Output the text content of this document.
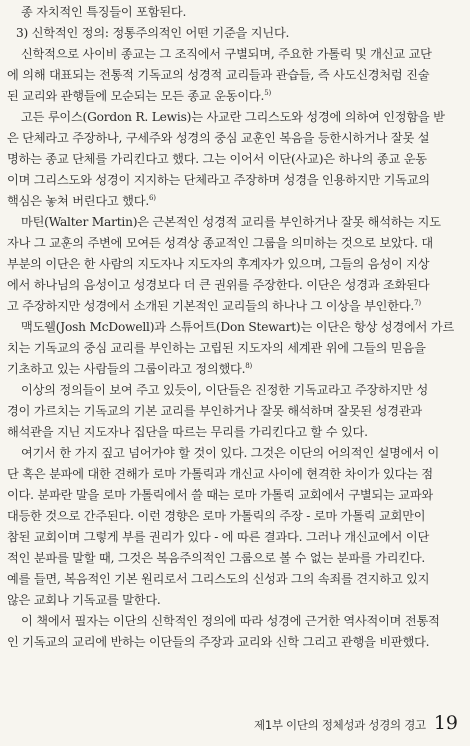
종 자치적인 특징들이 포함된다.
3) 신학적인 정의: 정통주의적인 어떤 기준을 지닌다.
신학적으로 사이비 종교는 그 조직에서 구별되며, 주요한 가톨릭 및 개신교 교단
에 의해 대표되는 전통적 기독교의 성경적 교리들과 관습들, 즉 사도신경처럼 진술
된 교리와 관행들에 모순되는 모든 종교 운동이다.$^{5)}$
고든 루이스(Gordon R. Lewis)는 사교란 그리스도와 성경에 의하여 인정함을 받
은 단체라고 주장하나, 구세주와 성경의 중심 교훈인 복음을 등한시하거나 잘못 설
명하는 종교 단체를 가리킨다고 했다. 그는 이어서 이단(사교)은 하나의 종교 운동
이며 그리스도와 성경이 지지하는 단체라고 주장하며 성경을 인용하지만 기독교의
핵심은 놓쳐 버린다고 했다.$^{6)}$
마틴(Walter Martin)은 근본적인 성경적 교리를 부인하거나 잘못 해석하는 지도
자나 그 교훈의 주변에 모여든 성격상 종교적인 그룹을 의미하는 것으로 보았다. 대
부분의 이단은 한 사람의 지도자나 지도자의 후계자가 있으며, 그들의 음성이 지상
에서 하나님의 음성이고 성경보다 더 큰 권위를 주장한다. 이단은 성경과 조화된다
고 주장하지만 성경에서 소개된 기본적인 교리들의 하나나 그 이상을 부인한다.$^{7)}$
맥도웰(Josh McDowell)과 스튜어트(Don Stewart)는 이단은 항상 성경에서 가르
치는 기독교의 중심 교리를 부인하는 고립된 지도자의 세계관 위에 그들의 믿음을
기초하고 있는 사람들의 그룹이라고 정의했다.$^{8)}$
이상의 정의들이 보여 주고 있듯이, 이단들은 진정한 기독교라고 주장하지만 성
경이 가르치는 기독교의 기본 교리를 부인하거나 잘못 해석하며 잘못된 성경관과
해석관을 지닌 지도자나 집단을 따르는 무리를 가리킨다고 할 수 있다.
여기서 한 가지 짚고 넘어가야 할 것이 있다. 그것은 이단의 어의적인 설명에서 이
단 혹은 분파에 대한 견해가 로마 가톨릭과 개신교 사이에 현격한 차이가 있다는 점
이다. 분파란 말을 로마 가톨릭에서 쓸 때는 로마 가톨릭 교회에서 구별되는 교파와
대등한 것으로 간주된다. 이런 경향은 로마 가톨릭의 주장 - 로마 가톨릭 교회만이
참된 교회이며 그렇게 부를 권리가 있다 - 에 따른 결과다. 그러나 개신교에서 이단
적인 분파를 말할 때, 그것은 복음주의적인 그룹으로 볼 수 없는 분파를 가리킨다.
예를 들면, 복음적인 기본 원리로서 그리스도의 신성과 그의 속죄를 견지하고 있지
않은 교회나 기독교를 말한다.
이 책에서 필자는 이단의 신학적인 정의에 따라 성경에 근거한 역사적이며 전통적
인 기독교의 교리에 반하는 이단들의 주장과 교리와 신학 그리고 관행을 비판했다.
제1부 이단의 정체성과 성경의 경고 19
